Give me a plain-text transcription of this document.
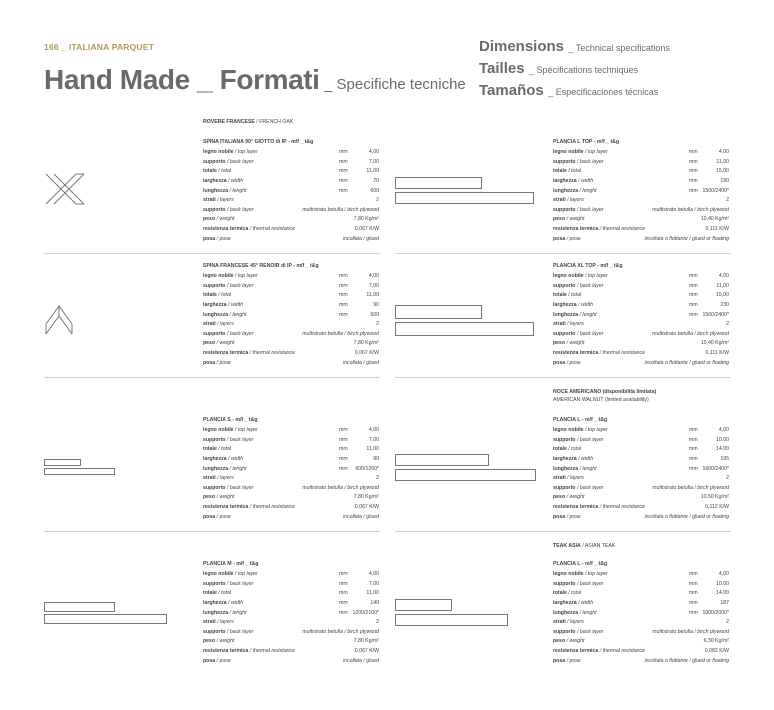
166 _ ITALIANA PARQUET
Hand Made _ Formati _ Specifiche tecniche
Dimensions _ Technical specifications
Tailles _ Spécifications techniques
Tamaños _ Especificaciones técnicas
ROVERE FRANCESE / FRENCH OAK
NOCE AMERICANO (disponibilità limitata)
AMERICAN WALNUT (limited availability)
TEAK ASIA / ASIAN TEAK
SPINA ITALIANA 90° GIOTTO di IP - m/f _ t&g
legno nobile / top layer	mm	4,00
supporto / back layer	mm	7,00
totale / total	mm	11,00
larghezza / width	mm	70
lunghezza / lenght	mm	600
strati / layers	2
supporto / back layer	multistrato betulla / birch plywood
peso / weight	7,80 Kg/m²
resistenza termica / thermal resistance	0,067 K/W
posa / pose	incollata / glued
SPINA FRANCESE 45° RENOIR di IP - m/f _ t&g
legno nobile / top layer	mm	4,00
supporto / back layer	mm	7,00
totale / total	mm	11,00
larghezza / width	mm	90
lunghezza / lenght	mm	500
strati / layers	2
supporto / back layer	multistrato betulla / birch plywood
peso / weight	7,80 Kg/m²
resistenza termica / thermal resistance	0,067 K/W
posa / pose	incollata / glued
PLANCIA S - m/f _ t&g
legno nobile / top layer	mm	4,00
supporto / back layer	mm	7,00
totale / total	mm	11,00
larghezza / width	mm	90
lunghezza / lenght	mm 600/1200*
strati / layers	2
supporto / back layer	multistrato betulla / birch plywood
peso / weight	7,80 Kg/m²
resistenza termica / thermal resistance	0,067 K/W
posa / pose	incollata / glued
PLANCIA M - m/f _ t&g
legno nobile / top layer	mm	4,00
supporto / back layer	mm	7,00
totale / total	mm	11,00
larghezza / width	mm	140
lunghezza / lenght	mm 1200/2100*
strati / layers	2
supporto / back layer	multistrato betulla / birch plywood
peso / weight	7,80 Kg/m²
resistenza termica / thermal resistance	0,067 K/W
posa / pose	incollata / glued
PLANCIA L TOP - m/f _ t&g
legno nobile / top layer	mm	4,00
supporto / back layer	mm	11,00
totale / total	mm	15,00
larghezza / width	mm	190
lunghezza / lenght	mm 1500/2400*
strati / layers	2
supporto / back layer	multistrato betulla / birch plywood
peso / weight	10,40 Kg/m²
resistenza termica / thermal resistance	0,111 K/W
posa / pose	incollata o flottante / glued or floating
PLANCIA XL TOP - m/f _ t&g
legno nobile / top layer	mm	4,00
supporto / back layer	mm	11,00
totale / total	mm	15,00
larghezza / width	mm	230
lunghezza / lenght	mm 1500/2400*
strati / layers	2
supporto / back layer	multistrato betulla / birch plywood
peso / weight	10,40 Kg/m²
resistenza termica / thermal resistance	0,111 K/W
posa / pose	incollata o flottante / glued or floating
PLANCIA L - m/f _ t&g
legno nobile / top layer	mm	4,00
supporto / back layer	mm	10,00
totale / total	mm	14,00
larghezza / width	mm	195
lunghezza / lenght	mm 1600/2400*
strati / layers	2
supporto / back layer	multistrato betulla / birch plywood
peso / weight	10,50 Kg/m²
resistenza termica / thermal resistance	0,112 K/W
posa / pose	incollata o flottante / glued or floating
PLANCIA L - m/f _ t&g
legno nobile / top layer	mm	4,00
supporto / back layer	mm	10,00
totale / total	mm	14,00
larghezza / width	mm	187
lunghezza / lenght	mm 1000/2000*
strati / layers	2
supporto / back layer	multistrato betulla / birch plywood
peso / weight	6,30 Kg/m²
resistenza termica / thermal resistance	0,082 K/W
posa / pose	incollata o flottante / glued or floating
